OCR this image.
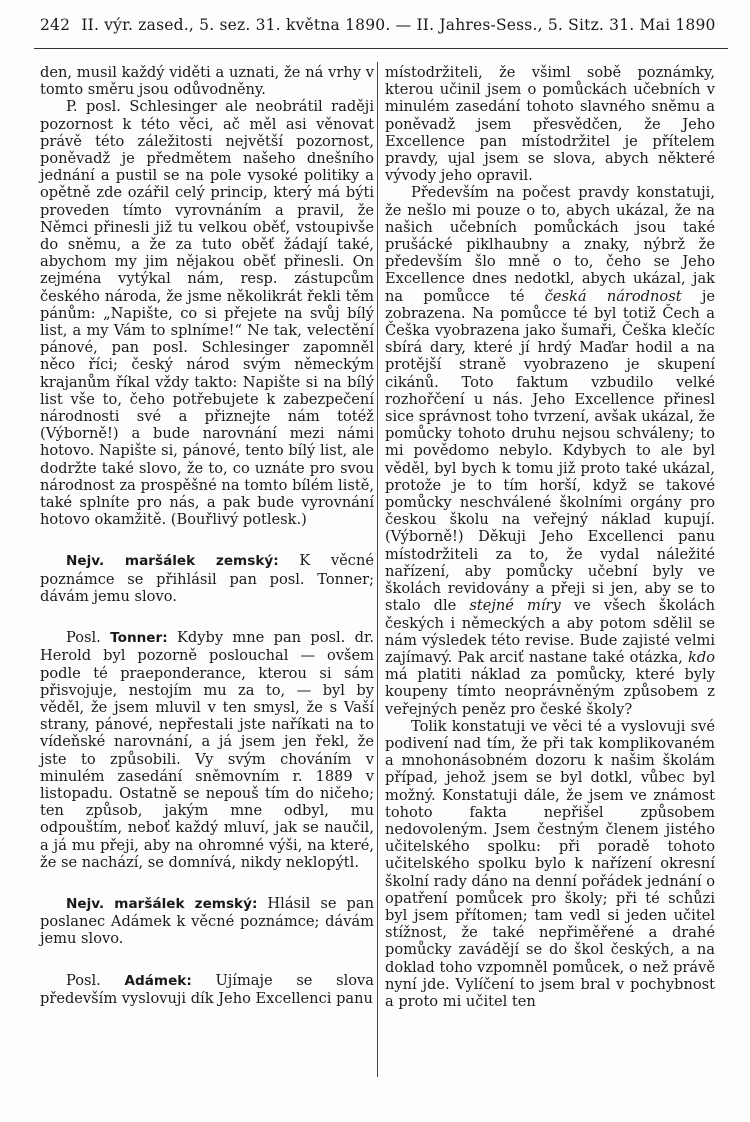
242 II. výr. zased., 5. sez. 31. května 1890. — II. Jahres-Sess., 5. Sitz. 31. Mai 1890

den, musil každý viděti a uznati, že ná vrhy v tomto směru jsou odůvodněny.

P. posl. Schlesinger ale neobrátil raději pozornost k této věci, ač měl asi věnovat právě této záležitosti největší pozornost, poněvadž je předmětem našeho dnešního jednání a pustil se na pole vysoké politiky a opětně zde ozářil celý princip, který má býti proveden tímto vyrovnáním a pravil, že Němci přinesli již tu velkou oběť, vstoupivše do sněmu, a že za tuto oběť žádají také, abychom my jim nějakou oběť přinesli. On zejména vytýkal nám, resp. zástupcům českého národa, že jsme několikrát řekli těm pánům: „Napište, co si přejete na svůj bílý list, a my Vám to splníme!“ Ne tak, velectění pánové, pan posl. Schlesinger zapomněl něco říci; český národ svým německým krajanům říkal vždy takto: Napište si na bílý list vše to, čeho potřebujete k zabezpečení národnosti své a přiznejte nám totéž (Výborně!) a bude narovnání mezi námi hotovo. Napište si, pánové, tento bílý list, ale dodržte také slovo, že to, co uznáte pro svou národnost za prospěšné na tomto bílém listě, také splníte pro nás, a pak bude vyrovnání hotovo okamžitě. (Bouřlivý potlesk.)

Nejv. maršálek zemský: K věcné poznámce se přihlásil pan posl. Tonner; dávám jemu slovo.

Posl. Tonner: Kdyby mne pan posl. dr. Herold byl pozorně poslouchal — ovšem podle té praeponderance, kterou si sám přisvojuje, nestojím mu za to, — byl by věděl, že jsem mluvil v ten smysl, že s Vaší strany, pánové, nepřestali jste naříkati na to vídeňské narovnání, a já jsem jen řekl, že jste to způsobili. Vy svým chováním v minulém zasedání sněmovním r. 1889 v listopadu. Ostatně se nepouš tím do ničeho; ten způsob, jakým mne odbyl, mu odpouštím, neboť každý mluví, jak se naučil, a já mu přeji, aby na ohromné výši, na které, že se nachází, se domnívá, nikdy neklopýtl.

Nejv. maršálek zemský: Hlásil se pan poslanec Adámek k věcné poznámce; dávám jemu slovo.

Posl. Adámek: Ujímaje se slova především vyslovuji dík Jeho Excellenci panu

místodržiteli, že všiml sobě poznámky, kterou učinil jsem o pomůckách učebních v minulém zasedání tohoto slavného sněmu a poněvadž jsem přesvědčen, že Jeho Excellence pan místodržitel je přítelem pravdy, ujal jsem se slova, abych některé vývody jeho opravil.

Především na počest pravdy konstatuji, že nešlo mi pouze o to, abych ukázal, že na našich učebních pomůckách jsou také prušácké piklhaubny a znaky, nýbrž že především šlo mně o to, čeho se Jeho Excellence dnes nedotkl, abych ukázal, jak na pomůcce té česká národnost je zobrazena. Na pomůcce té byl totiž Čech a Češka vyobrazena jako šumaři, Češka klečíc sbírá dary, které jí hrdý Maďar hodil a na protější straně vyobrazeno je skupení cikánů. Toto faktum vzbudilo velké rozhořčení u nás. Jeho Excellence přinesl sice správnost toho tvrzení, avšak ukázal, že pomůcky tohoto druhu nejsou schváleny; to mi povědomo nebylo. Kdybych to ale byl věděl, byl bych k tomu již proto také ukázal, protože je to tím horší, když se takové pomůcky neschválené školními orgány pro českou školu na veřejný náklad kupují. (Výborně!) Děkuji Jeho Excellenci panu místodržiteli za to, že vydal náležité nařízení, aby pomůcky učební byly ve školách revidovány a přeji si jen, aby se to stalo dle stejné míry ve všech školách českých i německých a aby potom sdělil se nám výsledek této revise. Bude zajisté velmi zajímavý. Pak arciť nastane také otázka, kdo má platiti náklad za pomůcky, které byly koupeny tímto neoprávněným způsobem z veřejných peněz pro české školy?

Tolik konstatuji ve věci té a vyslovuji své podivení nad tím, že při tak komplikovaném a mnohonásobném dozoru k našim školám případ, jehož jsem se byl dotkl, vůbec byl možný. Konstatuji dále, že jsem ve známost tohoto fakta nepřišel způsobem nedovoleným. Jsem čestným členem jistého učitelského spolku: při poradě tohoto učitelského spolku bylo k nařízení okresní školní rady dáno na denní pořádek jednání o opatření pomůcek pro školy; při té schůzi byl jsem přítomen; tam vedl si jeden učitel stížnost, že také nepřiměřené a drahé pomůcky zavádějí se do škol českých, a na doklad toho vzpomněl pomůcek, o než právě nyní jde. Vylíčení to jsem bral v pochybnost a proto mi učitel ten
